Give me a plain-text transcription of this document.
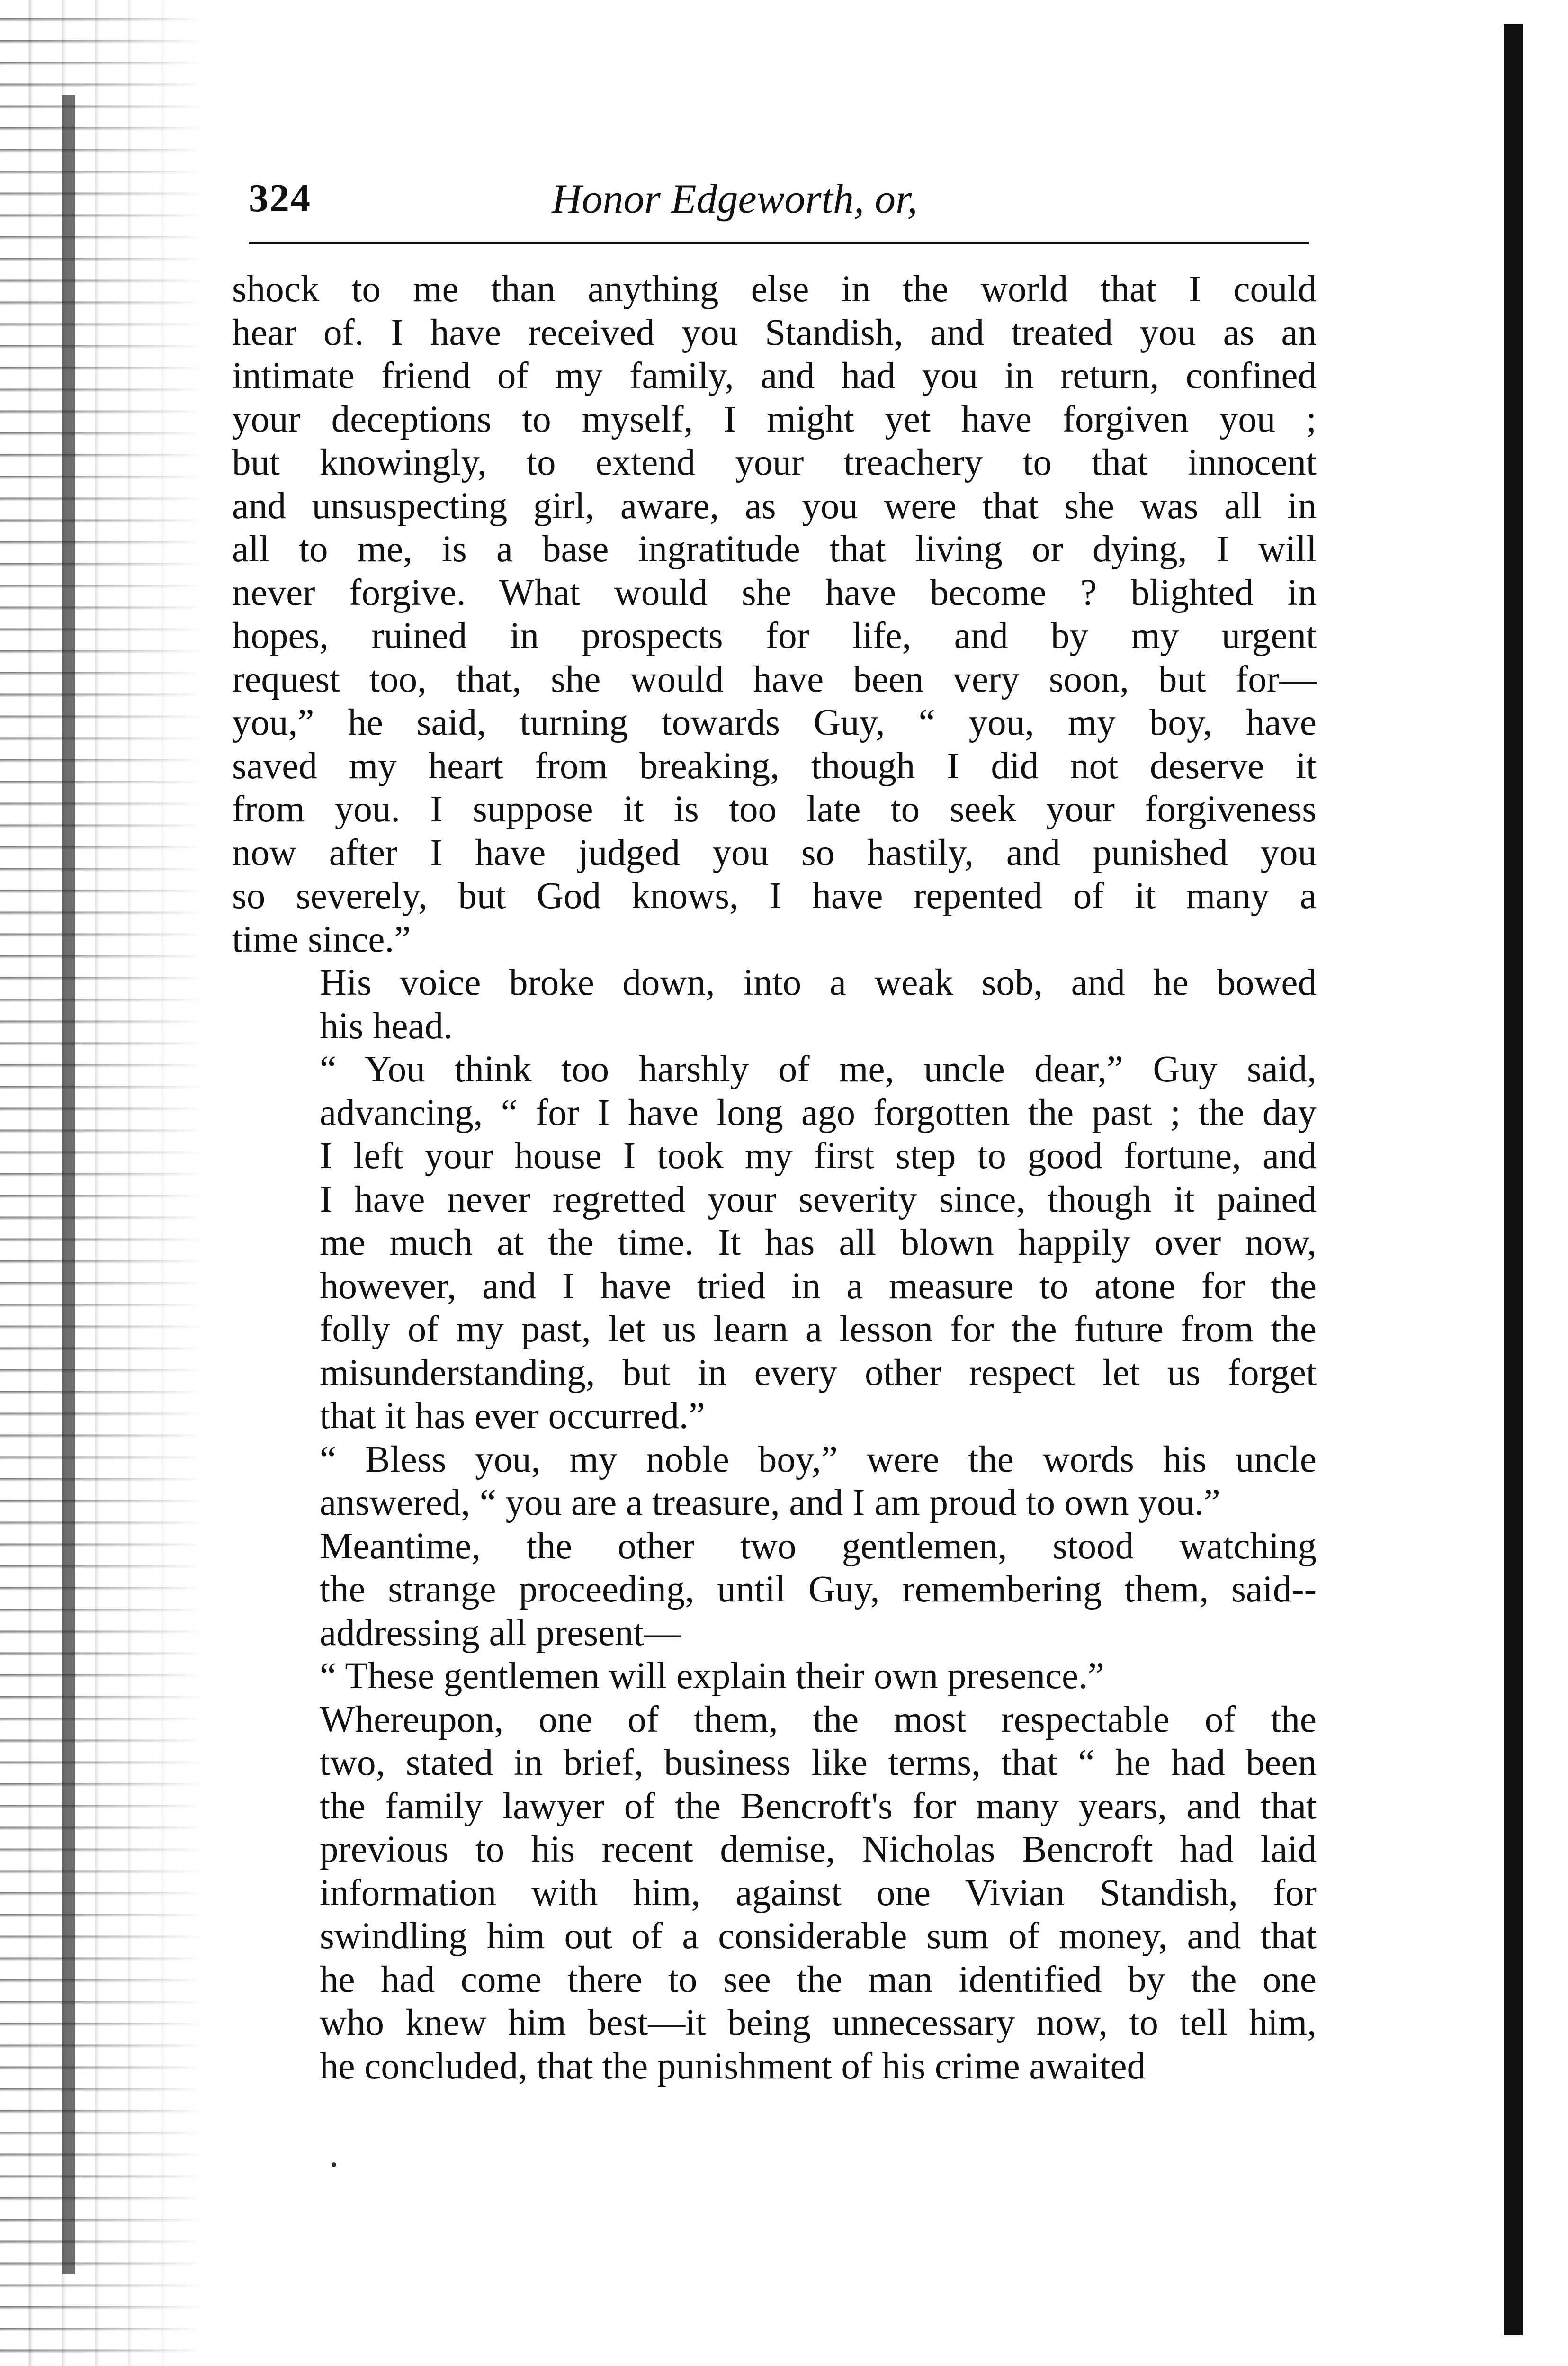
324	Honor Edgeworth, or,

shock to me than anything else in the world that I could
hear of. I have received you Standish, and treated you as an
intimate friend of my family, and had you in return, confined
your deceptions to myself, I might yet have forgiven you ;
but knowingly, to extend your treachery to that innocent
and unsuspecting girl, aware, as you were that she was all in
all to me, is a base ingratitude that living or dying, I will
never forgive. What would she have become ? blighted in
hopes, ruined in prospects for life, and by my urgent
request too, that, she would have been very soon, but for—
you,” he said, turning towards Guy, “ you, my boy, have
saved my heart from breaking, though I did not deserve it
from you. I suppose it is too late to seek your forgiveness
now after I have judged you so hastily, and punished you
so severely, but God knows, I have repented of it many a
time since.”

His voice broke down, into a weak sob, and he bowed
his head.

“ You think too harshly of me, uncle dear,” Guy said,
advancing, “ for I have long ago forgotten the past ; the day
I left your house I took my first step to good fortune, and
I have never regretted your severity since, though it pained
me much at the time. It has all blown happily over now,
however, and I have tried in a measure to atone for the
folly of my past, let us learn a lesson for the future from the
misunderstanding, but in every other respect let us forget
that it has ever occurred.”

“ Bless you, my noble boy,” were the words his uncle
answered, “ you are a treasure, and I am proud to own you.”

Meantime, the other two gentlemen, stood watching
the strange proceeding, until Guy, remembering them, said--
addressing all present—

“ These gentlemen will explain their own presence.”

Whereupon, one of them, the most respectable of the
two, stated in brief, business like terms, that “ he had been
the family lawyer of the Bencroft's for many years, and that
previous to his recent demise, Nicholas Bencroft had laid
information with him, against one Vivian Standish, for
swindling him out of a considerable sum of money, and that
he had come there to see the man identified by the one
who knew him best—it being unnecessary now, to tell him,
he concluded, that the punishment of his crime awaited
